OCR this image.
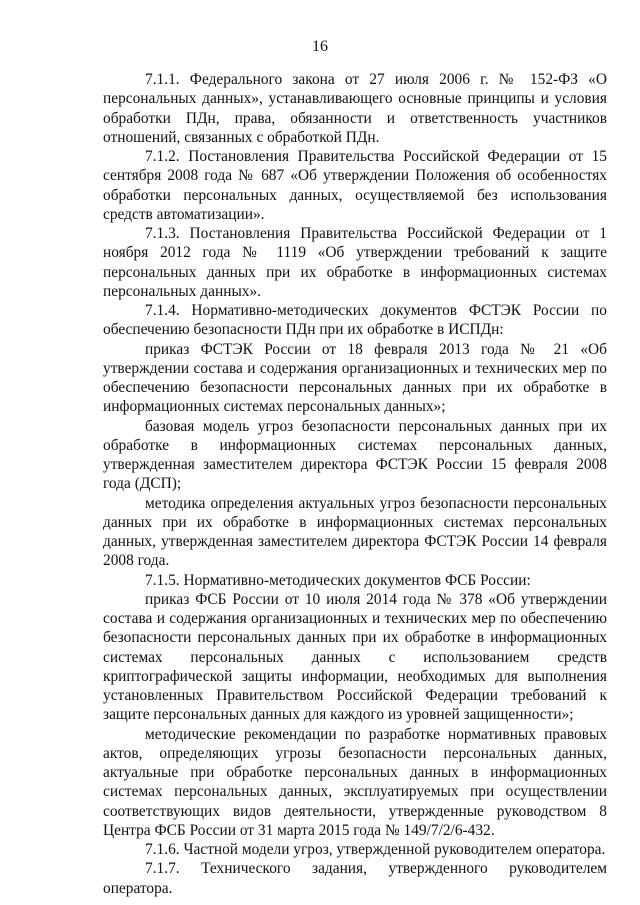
16

7.1.1. Федерального закона от 27 июля 2006 г. № 152-ФЗ «О персональных данных», устанавливающего основные принципы и условия обработки ПДн, права, обязанности и ответственность участников отношений, связанных с обработкой ПДн.

7.1.2. Постановления Правительства Российской Федерации от 15 сентября 2008 года № 687 «Об утверждении Положения об особенностях обработки персональных данных, осуществляемой без использования средств автоматизации».

7.1.3. Постановления Правительства Российской Федерации от 1 ноября 2012 года № 1119 «Об утверждении требований к защите персональных данных при их обработке в информационных системах персональных данных».

7.1.4. Нормативно-методических документов ФСТЭК России по обеспечению безопасности ПДн при их обработке в ИСПДн:

приказ ФСТЭК России от 18 февраля 2013 года № 21 «Об утверждении состава и содержания организационных и технических мер по обеспечению безопасности персональных данных при их обработке в информационных системах персональных данных»;

базовая модель угроз безопасности персональных данных при их обработке в информационных системах персональных данных, утвержденная заместителем директора ФСТЭК России 15 февраля 2008 года (ДСП);

методика определения актуальных угроз безопасности персональных данных при их обработке в информационных системах персональных данных, утвержденная заместителем директора ФСТЭК России 14 февраля 2008 года.

7.1.5. Нормативно-методических документов ФСБ России:

приказ ФСБ России от 10 июля 2014 года № 378 «Об утверждении состава и содержания организационных и технических мер по обеспечению безопасности персональных данных при их обработке в информационных системах персональных данных с использованием средств криптографической защиты информации, необходимых для выполнения установленных Правительством Российской Федерации требований к защите персональных данных для каждого из уровней защищенности»;

методические рекомендации по разработке нормативных правовых актов, определяющих угрозы безопасности персональных данных, актуальные при обработке персональных данных в информационных системах персональных данных, эксплуатируемых при осуществлении соответствующих видов деятельности, утвержденные руководством 8 Центра ФСБ России от 31 марта 2015 года № 149/7/2/6-432.

7.1.6. Частной модели угроз, утвержденной руководителем оператора.

7.1.7. Технического задания, утвержденного руководителем оператора.
